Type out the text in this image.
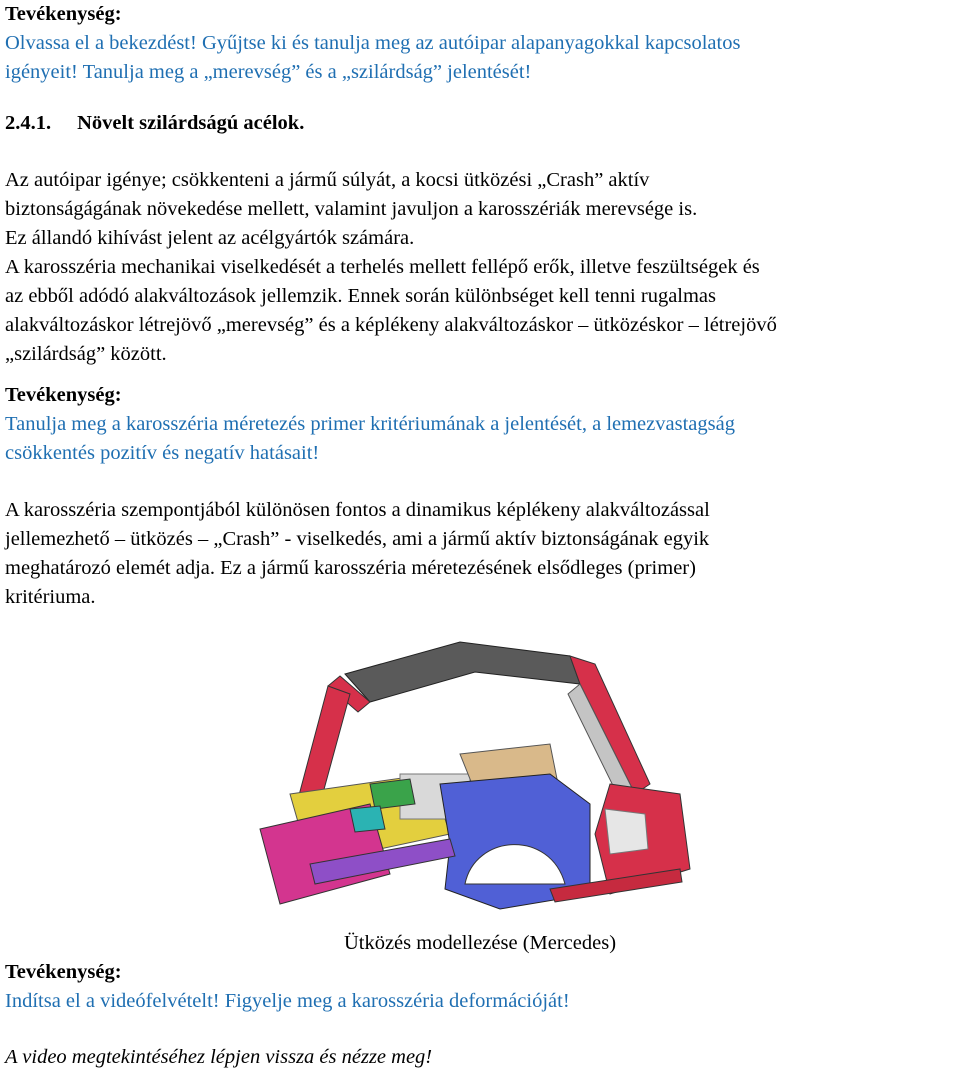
Tevékenység:
Olvassa el a bekezdést! Gyűjtse ki és tanulja meg az autóipar alapanyagokkal kapcsolatos
igényeit! Tanulja meg a „merevség” és a „szilárdság” jelentését!
2.4.1. Növelt szilárdságú acélok.
Az autóipar igénye; csökkenteni a jármű súlyát, a kocsi ütközési „Crash” aktív
biztonságágának növekedése mellett, valamint javuljon a karosszériák merevsége is.
Ez állandó kihívást jelent az acélgyártók számára.
A karosszéria mechanikai viselkedését a terhelés mellett fellépő erők, illetve feszültségek és
az ebből adódó alakváltozások jellemzik. Ennek során különbséget kell tenni rugalmas
alakváltozáskor létrejövő „merevség” és a képlékeny alakváltozáskor – ütközéskor – létrejövő
„szilárdság” között.
Tevékenység:
Tanulja meg a karosszéria méretezés primer kritériumának a jelentését, a lemezvastagság
csökkentés pozitív és negatív hatásait!
A karosszéria szempontjából különösen fontos a dinamikus képlékeny alakváltozással
jellemezhető – ütközés – „Crash” - viselkedés, ami a jármű aktív biztonságának egyik
meghatározó elemét adja. Ez a jármű karosszéria méretezésének elsődleges (primer)
kritériuma.
Ütközés modellezése (Mercedes)
Tevékenység:
Indítsa el a videófelvételt! Figyelje meg a karosszéria deformációját!
A video megtekintéséhez lépjen vissza és nézze meg!
